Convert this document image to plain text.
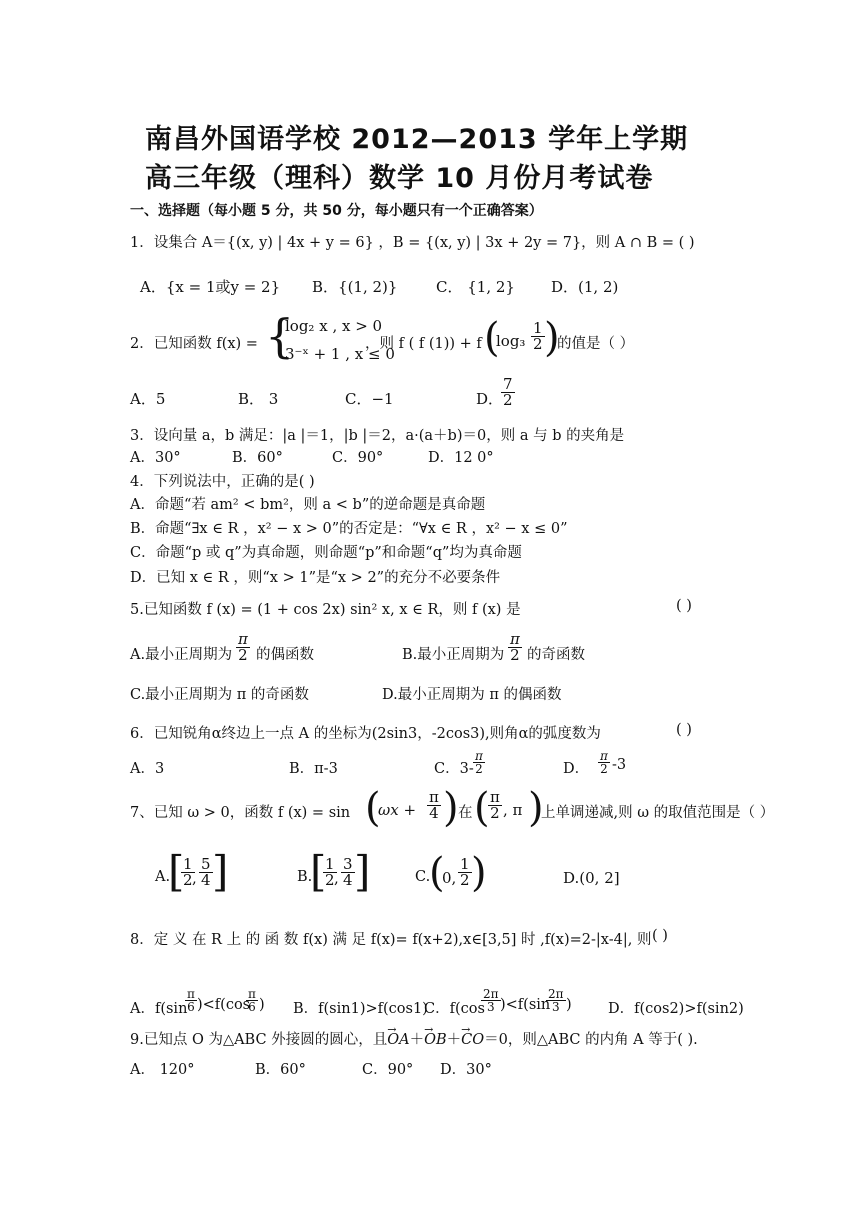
南昌外国语学校 2012—2013 学年上学期
高三年级（理科）数学 10 月份月考试卷
一、选择题（每小题 5 分，共 50 分，每小题只有一个正确答案）
1．设集合 A＝{(x, y) | 4x + y = 6} ，B = {(x, y) | 3x + 2y = 7}，则 A ∩ B = ( )
A．{x = 1或y = 2} B．{(1, 2)}	C． {1, 2} D．(1, 2)
2．已知函数 f(x) = {
log₂ x , x > 0
3⁻ˣ + 1 , x ≤ 0
，则 f ( f (1)) + f (
$\log_3 \frac{1}{2}$ )
的值是（ ）
A．5	B． 3	C．−1	D．
$\frac{7}{2}$
3．设向量 a，b 满足：|a |＝1，|b |＝2，a·(a＋b)＝0，则 a 与 b 的夹角是
A．30°	B．60°	C．90°	D．12 0°
4．下列说法中，正确的是( )
A．命题“若 am² < bm²，则 a < b”的逆命题是真命题
B．命题“∃x ∈ R ，x² − x > 0”的否定是：“∀x ∈ R ，x² − x ≤ 0”
C．命题“p 或 q”为真命题，则命题“p”和命题“q”均为真命题
D．已知 x ∈ R ，则“x > 1”是“x > 2”的充分不必要条件
5.已知函数 f (x) = (1 + cos 2x) sin² x, x ∈ R，则 f (x) 是	( )
A.最小正周期为 $\frac{\pi}{2}$ 的偶函数	B.最小正周期为 $\frac{\pi}{2}$ 的奇函数
C.最小正周期为 π 的奇函数	D.最小正周期为 π 的偶函数
6．已知锐角α终边上一点 A 的坐标为(2sin3，-2cos3),则角α的弧度数为	( )
A．3	B．π-3	C．$3- \frac{\pi}{2}$	D． $\frac{\pi}{2} -3$
7、已知 ω > 0，函数 f (x) = sin (
$\omega x + \frac{\pi}{4}$ ) 在 (
$\frac{\pi}{2}$ , π )
上单调递减,则 ω 的取值范围是（ ）
A.
[
$\frac{1}{2}$
, $\frac{5}{4}$ ]	B.
[
$\frac{1}{2}$
, $\frac{3}{4}$ ]	C.
(
0, $\frac{1}{2}$ )	D.(0, 2]
8．定 义 在 R 上 的 函 数 f(x) 满 足 f(x)= f(x+2),x∈[3,5] 时 ,f(x)=2-|x-4|, 则 ( )
A．f(sin
$\frac{\pi}{6} )<f(\cos$
$\frac{\pi}{6}$ ) B．f(sin1)>f(cos1)
C．f(cos
$\frac{2\pi}{3} )<f(\sin$
$\frac{2\pi}{3}$ )	D．f(cos2)>f(sin2)
9.已知点 O 为△ABC 外接圆的圆心，且→ OA＋→ OB＋→ CO＝0，则△ABC 的内角 A 等于( ).
A． 120°	B．60°	C．90° D．30°
